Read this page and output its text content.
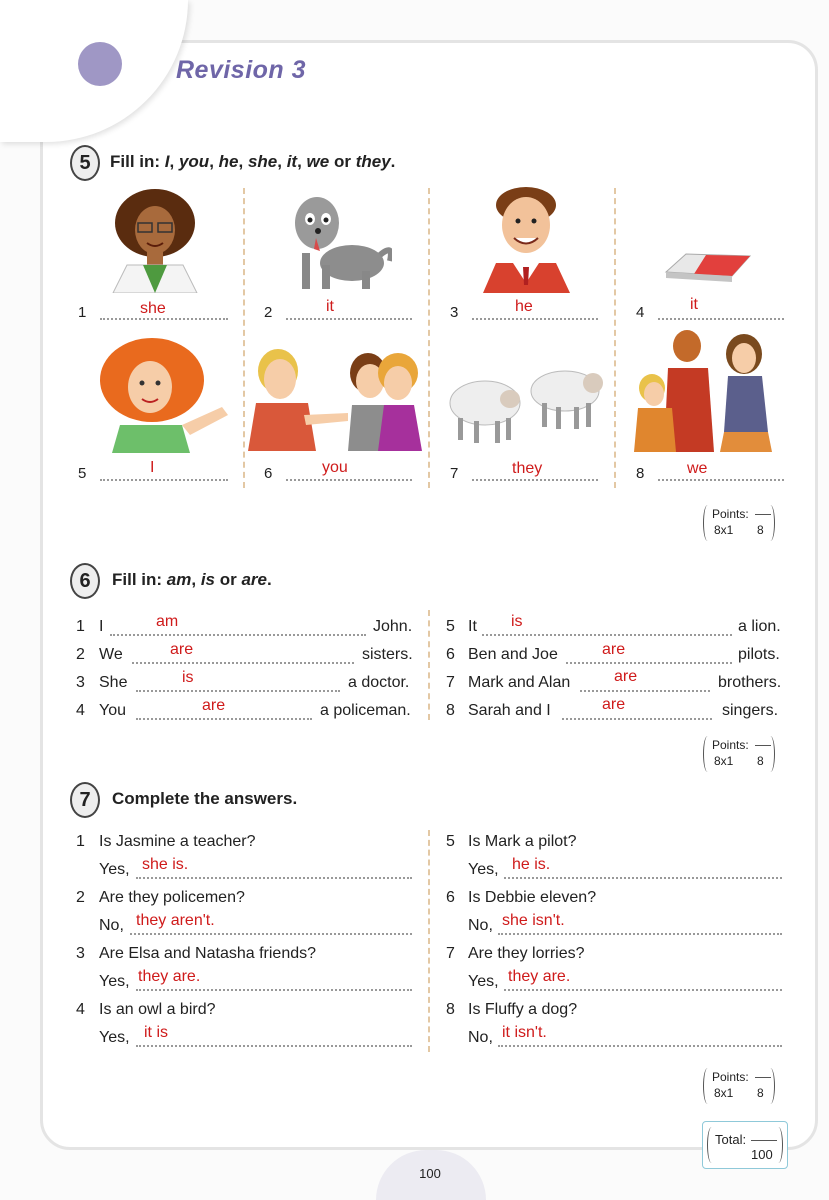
Revision 3
5	Fill in: I, you, he, she, it, we or they.
1	she	2	it	3	he	4	it
5	I	6	you	7	they	8	we
Points:
8x1 8
6	Fill in: am, is or are.
1 I	am	John.
2 We	are	sisters.
3 She	is	a doctor.
4 You	are	a policeman.
5 It is	a lion.
6 Ben and Joe	are	pilots.
7 Mark and Alan	are	brothers.
8 Sarah and I	are	singers.
Points:
8x1 8
7	Complete the answers.
1 Is Jasmine a teacher?
Yes, she is.
2 Are they policemen?
No, they aren't.
3 Are Elsa and Natasha friends?
Yes, they are.
4 Is an owl a bird?
Yes, it is
5 Is Mark a pilot?
Yes, he is.
6 Is Debbie eleven?
No, she isn't.
7 Are they lorries?
Yes, they are.
8 Is Fluffy a dog?
No, it isn't.
Points:
8x1 8
Total:
100
100
